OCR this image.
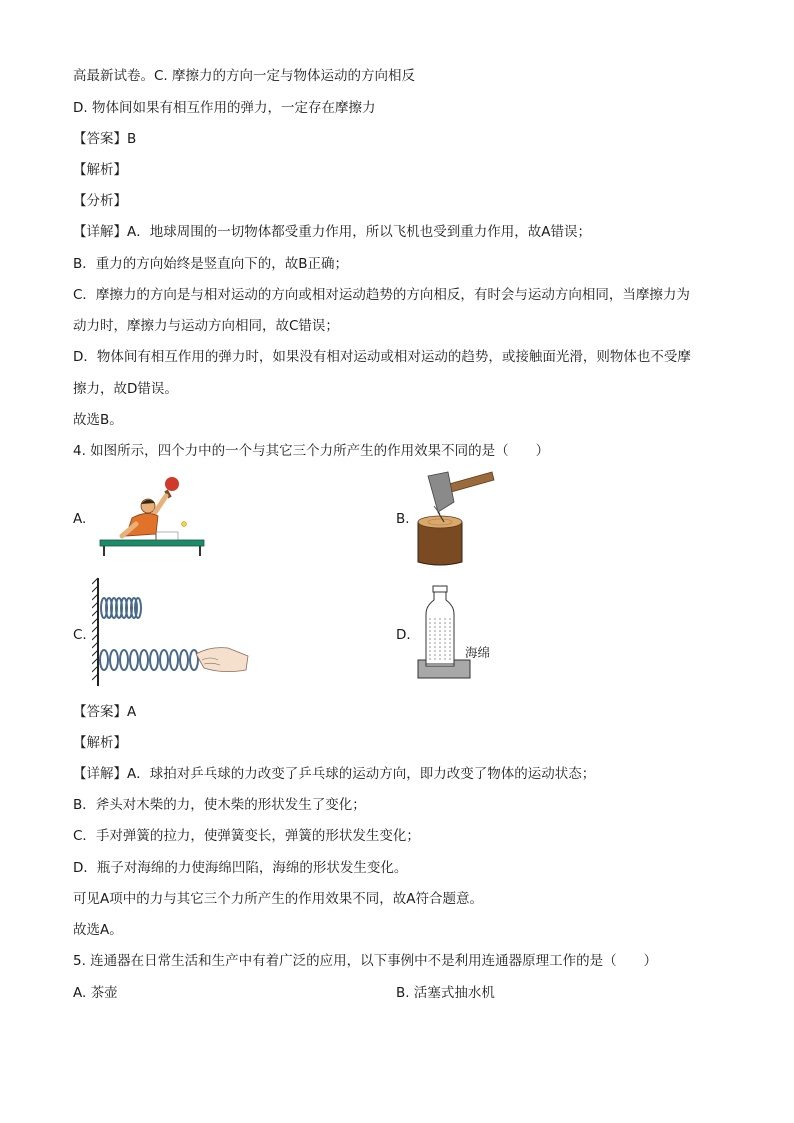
高最新试卷。C. 摩擦力的方向一定与物体运动的方向相反
D. 物体间如果有相互作用的弹力，一定存在摩擦力
【答案】B
【解析】
【分析】
【详解】A．地球周围的一切物体都受重力作用，所以飞机也受到重力作用，故A错误；
B．重力的方向始终是竖直向下的，故B正确；
C．摩擦力的方向是与相对运动的方向或相对运动趋势的方向相反，有时会与运动方向相同，当摩擦力为
动力时，摩擦力与运动方向相同，故C错误；
D．物体间有相互作用的弹力时，如果没有相对运动或相对运动的趋势，或接触面光滑，则物体也不受摩
擦力，故D错误。
故选B。
4. 如图所示，四个力中的一个与其它三个力所产生的作用效果不同的是（　　）
A.	B.
C.	D.
海绵
【答案】A
【解析】
【详解】A．球拍对乒乓球的力改变了乒乓球的运动方向，即力改变了物体的运动状态；
B．斧头对木柴的力，使木柴的形状发生了变化；
C．手对弹簧的拉力，使弹簧变长，弹簧的形状发生变化；
D．瓶子对海绵的力使海绵凹陷，海绵的形状发生变化。
可见A项中的力与其它三个力所产生的作用效果不同，故A符合题意。
故选A。
5. 连通器在日常生活和生产中有着广泛的应用，以下事例中不是利用连通器原理工作的是（　　）
A. 茶壶	B. 活塞式抽水机
